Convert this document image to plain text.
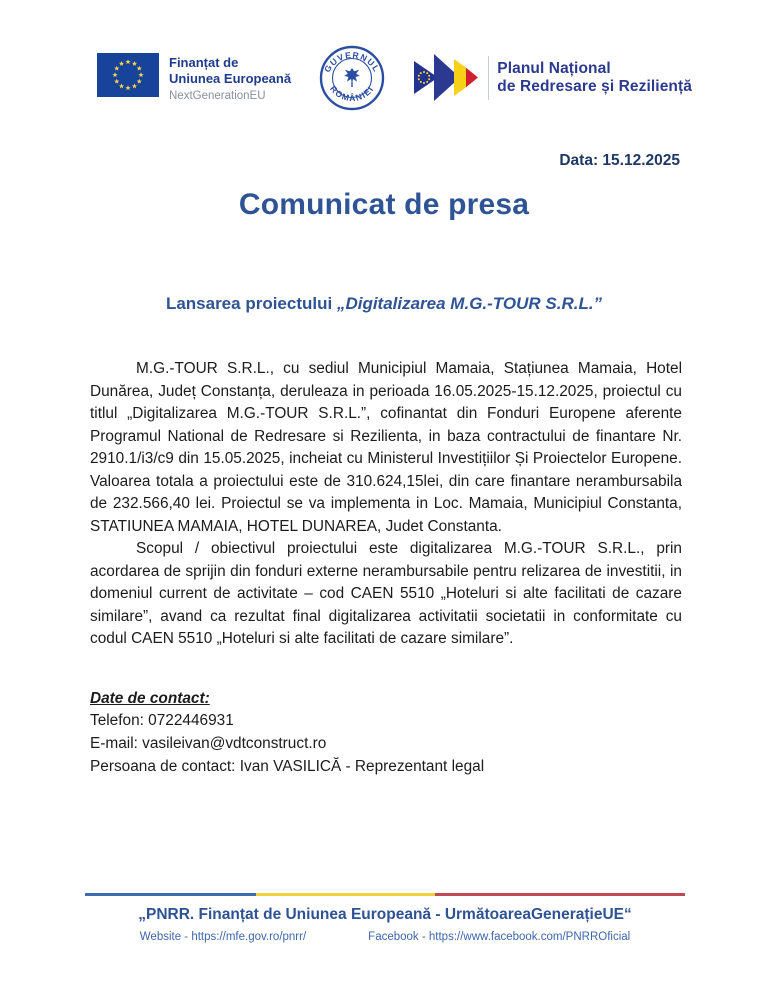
Finanțat de
Uniunea Europeană
NextGenerationEU
GUVERNUL
ROMÂNIEI
Planul Național
de Redresare și Reziliență
Data: 15.12.2025
Comunicat de presa
Lansarea proiectului „Digitalizarea M.G.-TOUR S.R.L.”

M.G.-TOUR S.R.L., cu sediul Municipiul Mamaia, Stațiunea Mamaia, Hotel Dunărea, Județ Constanța, deruleaza in perioada 16.05.2025-15.12.2025, proiectul cu titlul „Digitalizarea M.G.-TOUR S.R.L.”, cofinantat din Fonduri Europene aferente Programul National de Redresare si Rezilienta, in baza contractului de finantare Nr. 2910.1/i3/c9 din 15.05.2025, incheiat cu Ministerul Investițiilor Și Proiectelor Europene. Valoarea totala a proiectului este de 310.624,15lei, din care finantare nerambursabila de 232.566,40 lei. Proiectul se va implementa in Loc. Mamaia, Municipiul Constanta, STATIUNEA MAMAIA, HOTEL DUNAREA, Judet Constanta.

Scopul / obiectivul proiectului este digitalizarea M.G.-TOUR S.R.L., prin acordarea de sprijin din fonduri externe nerambursabile pentru relizarea de investitii, in domeniul current de activitate – cod CAEN 5510 „Hoteluri si alte facilitati de cazare similare”, avand ca rezultat final digitalizarea activitatii societatii in conformitate cu codul CAEN 5510 „Hoteluri si alte facilitati de cazare similare”.

Date de contact:
Telefon: 0722446931
E-mail: vasileivan@vdtconstruct.ro
Persoana de contact: Ivan VASILICĂ - Reprezentant legal
„PNRR. Finanțat de Uniunea Europeană - UrmătoareaGenerațieUE“
Website - https://mfe.gov.ro/pnrr/	Facebook - https://www.facebook.com/PNRROficial
